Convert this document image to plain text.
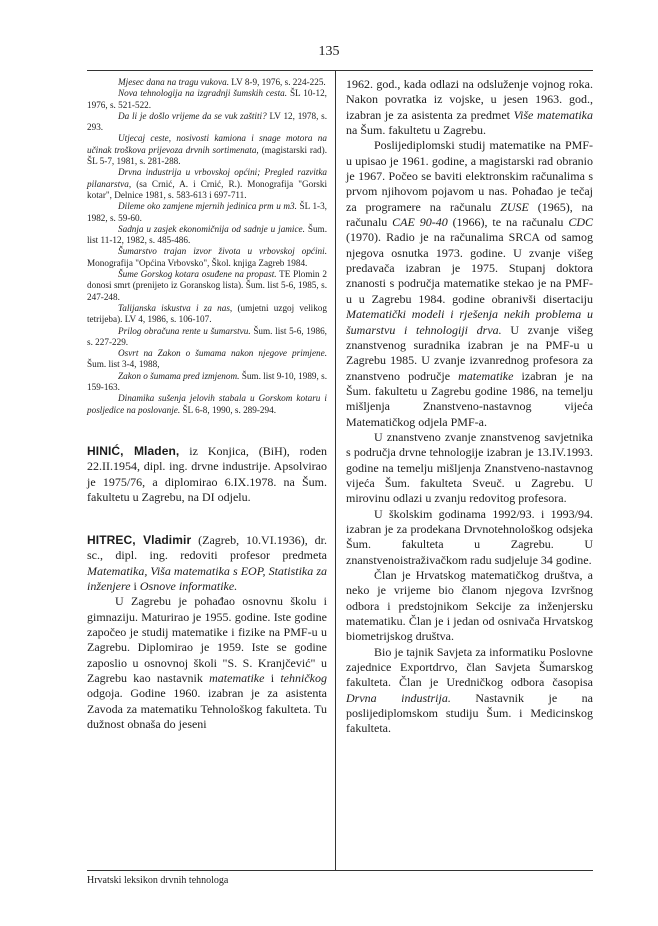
135

Mjesec dana na tragu vukova. LV 8-9, 1976, s. 224-225.

Nova tehnologija na izgradnji šumskih cesta. ŠL 10-12, 1976, s. 521-522.

Da li je došlo vrijeme da se vuk zaštiti? LV 12, 1978, s. 293.

Utjecaj ceste, nosivosti kamiona i snage motora na učinak troškova prijevoza drvnih sortimenata, (magistarski rad). ŠL 5-7, 1981, s. 281-288.

Drvna industrija u vrbovskoj općini; Pregled razvitka pilanarstva, (sa Crnić, A. i Crnić, R.). Monografija "Gorski kotar", Delnice 1981, s. 583-613 i 697-711.

Dileme oko zamjene mjernih jedinica prm u m3. ŠL 1-3, 1982, s. 59-60.

Sadnja u zasjek ekonomičnija od sadnje u jamice. Šum. list 11-12, 1982, s. 485-486.

Šumarstvo trajan izvor života u vrbovskoj općini. Monografija "Općina Vrbovsko", Škol. knjiga Zagreb 1984.

Šume Gorskog kotara osuđene na propast. TE Plomin 2 donosi smrt (prenijeto iz Goranskog lista). Šum. list 5-6, 1985, s. 247-248.

Talijanska iskustva i za nas, (umjetni uzgoj velikog tetrijeba). LV 4, 1986, s. 106-107.

Prilog obračuna rente u šumarstvu. Šum. list 5-6, 1986, s. 227-229.

Osvrt na Zakon o šumama nakon njegove primjene. Šum. list 3-4, 1988,

Zakon o šumama pred izmjenom. Šum. list 9-10, 1989, s. 159-163.

Dinamika sušenja jelovih stabala u Gorskom kotaru i posljedice na poslovanje. ŠL 6-8, 1990, s. 289-294.

HINIĆ, Mladen, iz Konjica, (BiH), roden 22.II.1954, dipl. ing. drvne industrije. Apsolvirao je 1975/76, a diplomirao 6.IX.1978. na Šum. fakultetu u Zagrebu, na DI odjelu.

HITREC, Vladimir (Zagreb, 10.VI.1936), dr. sc., dipl. ing. redoviti profesor predmeta Matematika, Viša matematika s EOP, Statistika za inženjere i Osnove informatike.

U Zagrebu je pohađao osnovnu školu i gimnaziju. Maturirao je 1955. godine. Iste godine započeo je studij matematike i fizike na PMF-u u Zagrebu. Diplomirao je 1959. Iste se godine zaposlio u osnovnoj školi "S. S. Kranjčević" u Zagrebu kao nastavnik matematike i tehničkog odgoja. Godine 1960. izabran je za asistenta Zavoda za matematiku Tehnološkog fakulteta. Tu dužnost obnaša do jeseni

1962. god., kada odlazi na odsluženje vojnog roka. Nakon povratka iz vojske, u jesen 1963. god., izabran je za asistenta za predmet Više matematika na Šum. fakultetu u Zagrebu.

Poslijediplomski studij matematike na PMF-u upisao je 1961. godine, a magistarski rad obranio je 1967. Počeo se baviti elektronskim računalima s prvom njihovom pojavom u nas. Pohađao je tečaj za programere na računalu ZUSE (1965), na računalu CAE 90-40 (1966), te na računalu CDC (1970). Radio je na računalima SRCA od samog njegova osnutka 1973. godine. U zvanje višeg predavača izabran je 1975. Stupanj doktora znanosti s područja matematike stekao je na PMF-u u Zagrebu 1984. godine obranivši disertaciju Matematički modeli i rješenja nekih problema u šumarstvu i tehnologiji drva. U zvanje višeg znanstvenog suradnika izabran je na PMF-u u Zagrebu 1985. U zvanje izvanrednog profesora za znanstveno područje matematike izabran je na Šum. fakultetu u Zagrebu godine 1986, na temelju mišljenja Znanstveno-nastavnog vijeća Matematičkog odjela PMF-a.

U znanstveno zvanje znanstvenog savjetnika s područja drvne tehnologije izabran je 13.IV.1993. godine na temelju mišljenja Znanstveno-nastavnog vijeća Šum. fakulteta Sveuč. u Zagrebu. U mirovinu odlazi u zvanju redovitog profesora.

U školskim godinama 1992/93. i 1993/94. izabran je za prodekana Drvnotehnološkog odsjeka Šum. fakulteta u Zagrebu. U znanstvenoistraživačkom radu sudjeluje 34 godine.

Član je Hrvatskog matematičkog društva, a neko je vrijeme bio članom njegova Izvršnog odbora i predstojnikom Sekcije za inženjersku matematiku. Član je i jedan od osnivača Hrvatskog biometrijskog društva.

Bio je tajnik Savjeta za informatiku Poslovne zajednice Exportdrvo, član Savjeta Šumarskog fakulteta. Član je Uredničkog odbora časopisa Drvna industrija. Nastavnik je na poslijediplomskom studiju Šum. i Medicinskog fakulteta.

Hrvatski leksikon drvnih tehnologa
